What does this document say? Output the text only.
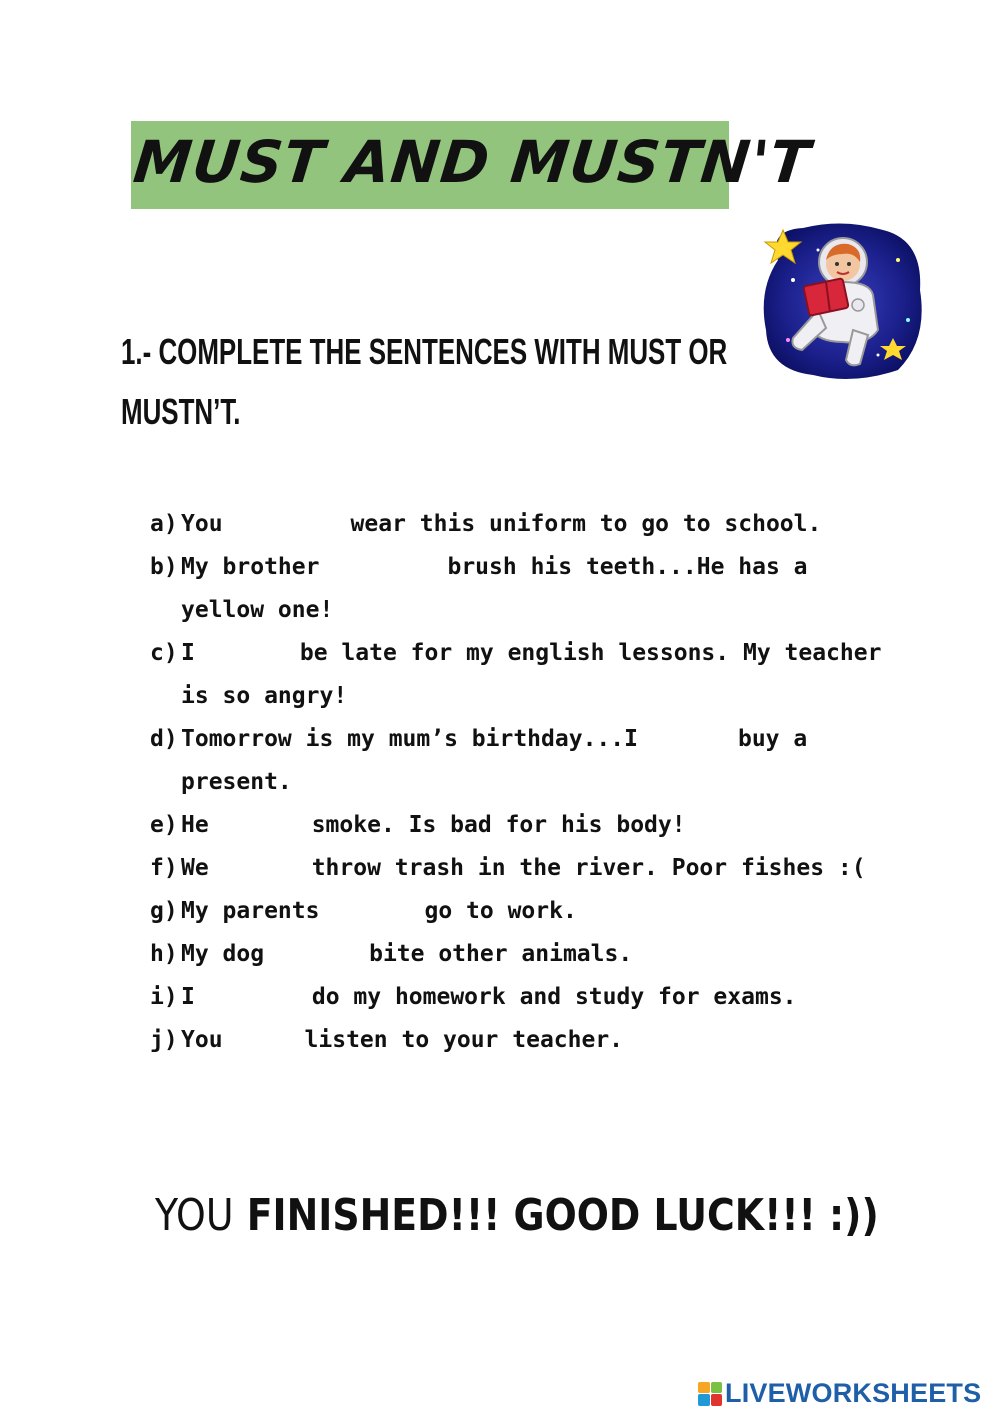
MUST AND MUSTN'T
1.- COMPLETE THE SENTENCES WITH MUST OR
MUSTN’T.
a) You	wear this uniform to go to school.
b) My brother	brush his teeth...He has a
yellow one!
c) I	be late for my english lessons. My teacher
is so angry!
d) Tomorrow is my mum’s birthday...I	buy a
present.
e) He	smoke. Is bad for his body!
f) We	throw trash in the river. Poor fishes :(
g) My parents	go to work.
h) My dog	bite other animals.
i) I	do my homework and study for exams.
j) You	listen to your teacher.
YOU FINISHED!!! GOOD LUCK!!! :))
LIVEWORKSHEETS
